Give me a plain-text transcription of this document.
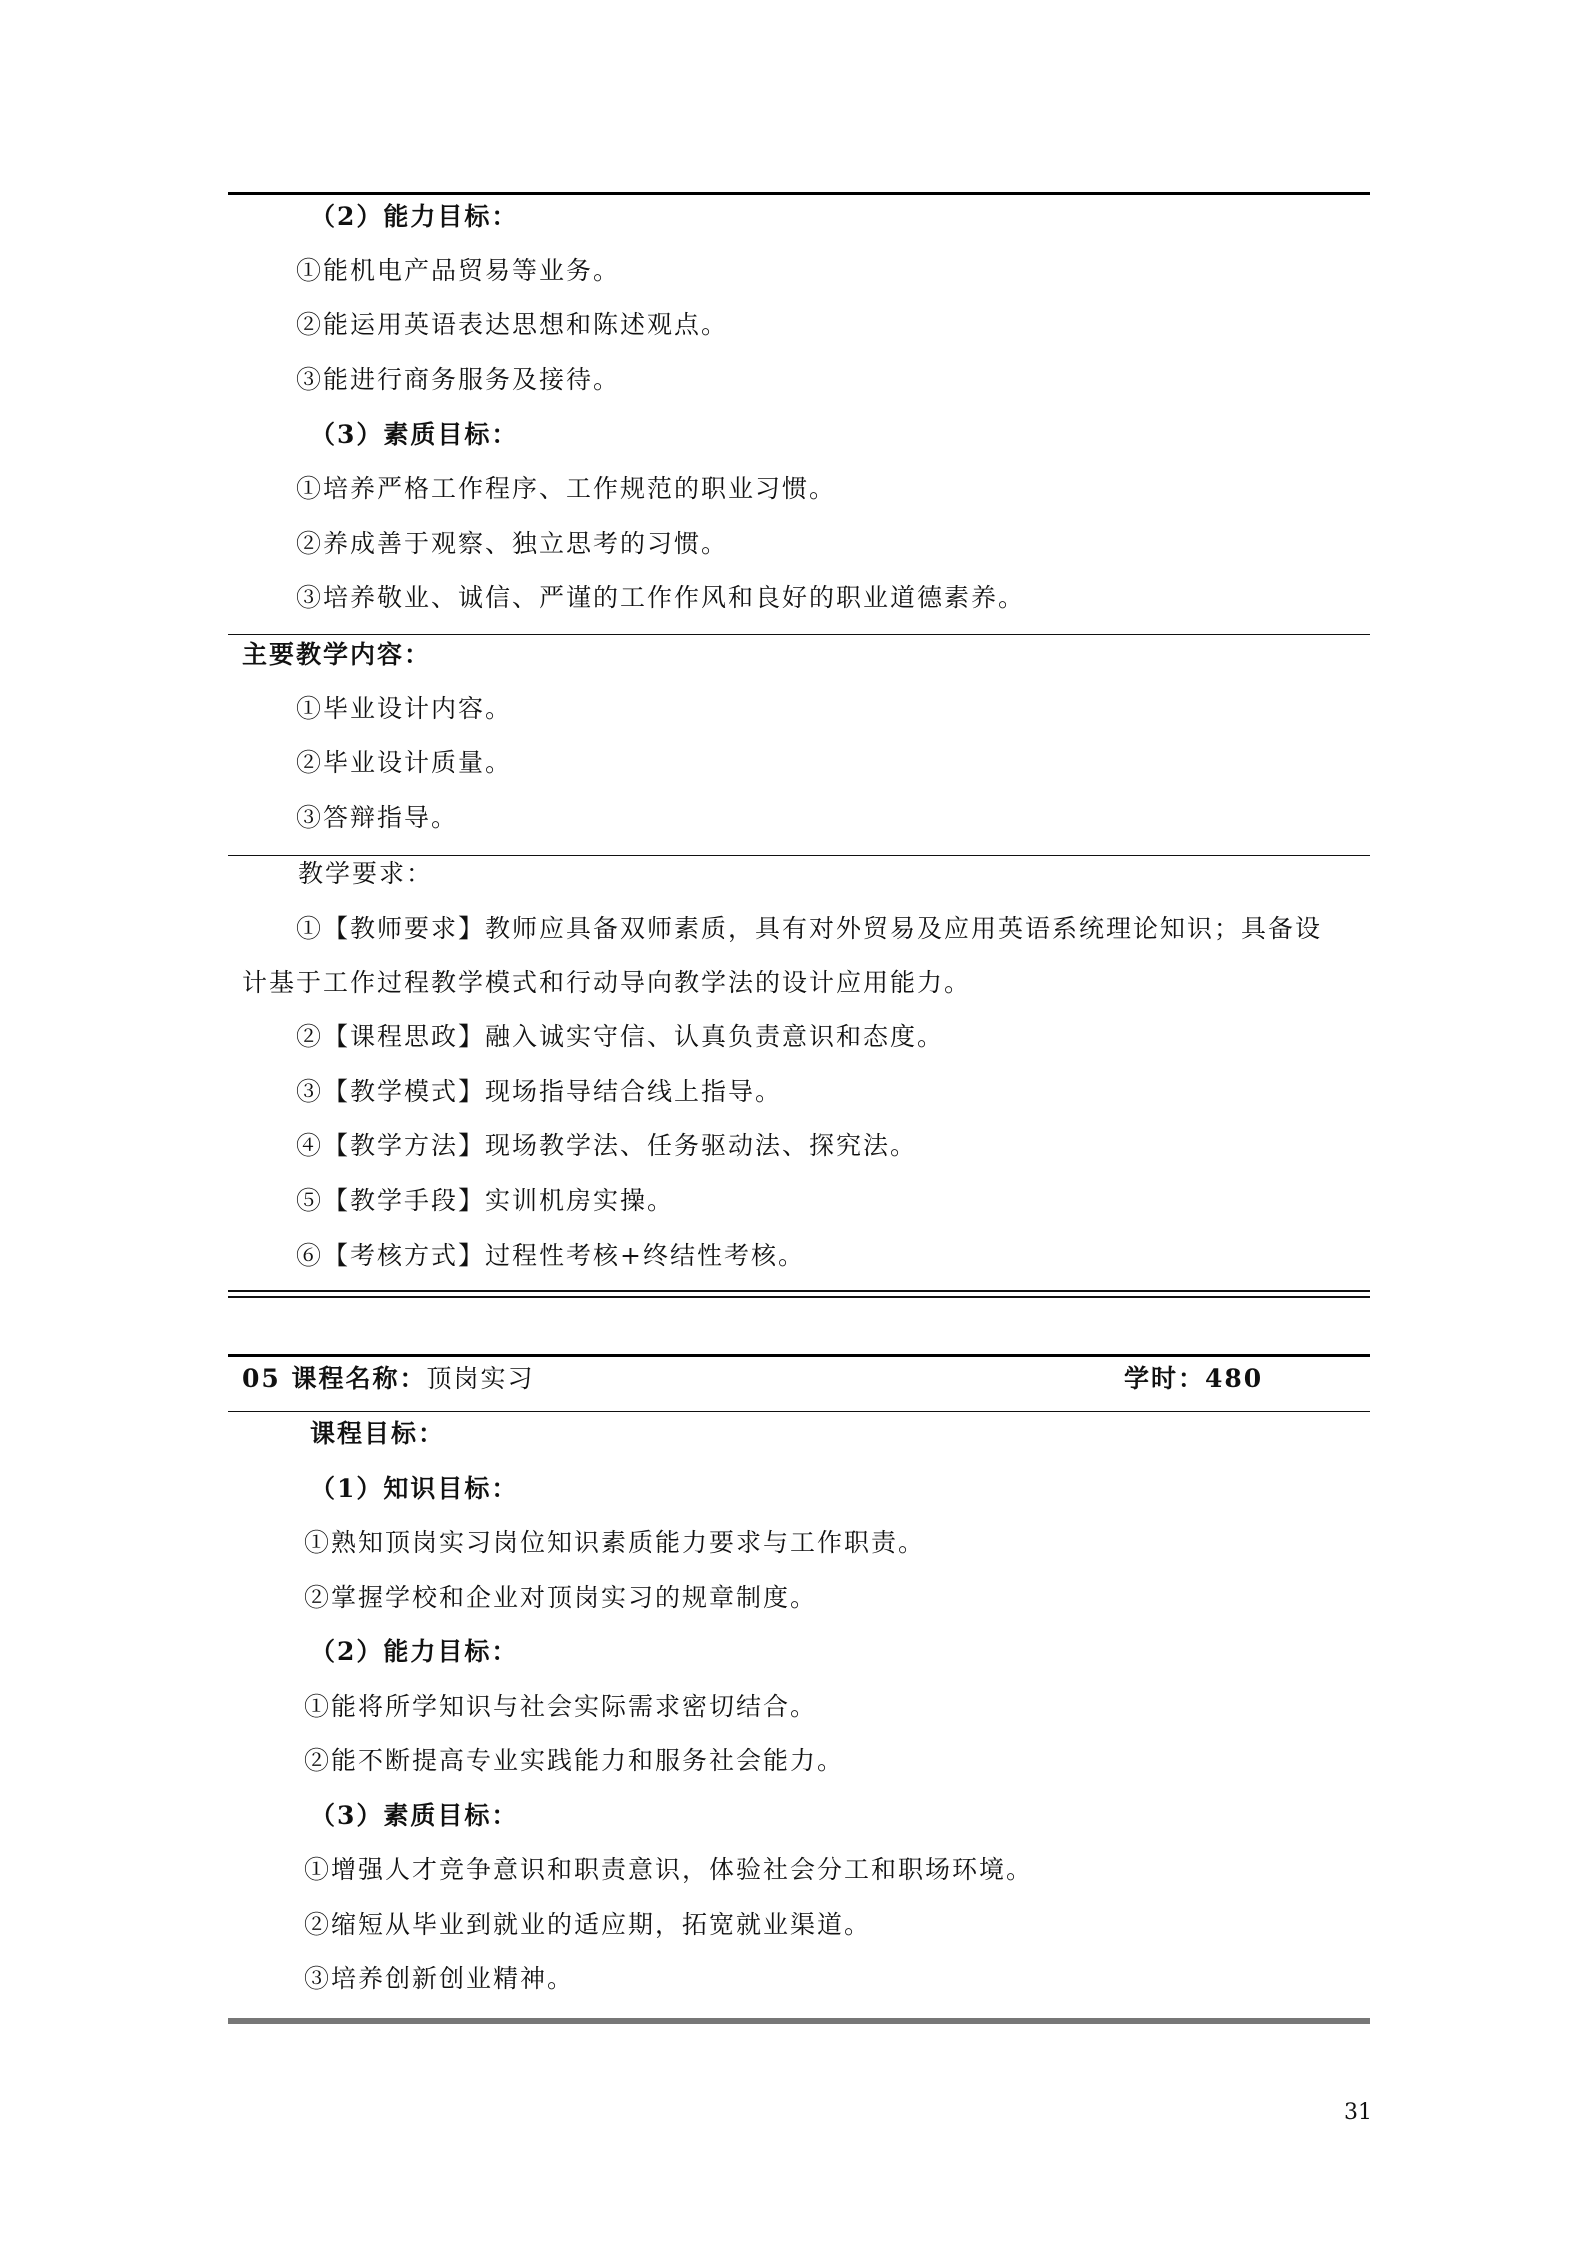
（2）能力目标：
①能机电产品贸易等业务。
②能运用英语表达思想和陈述观点。
③能进行商务服务及接待。
（3）素质目标：
①培养严格工作程序、工作规范的职业习惯。
②养成善于观察、独立思考的习惯。
③培养敬业、诚信、严谨的工作作风和良好的职业道德素养。
主要教学内容：
①毕业设计内容。
②毕业设计质量。
③答辩指导。
教学要求：
①【教师要求】教师应具备双师素质，具有对外贸易及应用英语系统理论知识；具备设
计基于工作过程教学模式和行动导向教学法的设计应用能力。
②【课程思政】融入诚实守信、认真负责意识和态度。
③【教学模式】现场指导结合线上指导。
④【教学方法】现场教学法、任务驱动法、探究法。
⑤【教学手段】实训机房实操。
⑥【考核方式】过程性考核+终结性考核。
05 课程名称：顶岗实习	学时：480
课程目标：
（1）知识目标：
①熟知顶岗实习岗位知识素质能力要求与工作职责。
②掌握学校和企业对顶岗实习的规章制度。
（2）能力目标：
①能将所学知识与社会实际需求密切结合。
②能不断提高专业实践能力和服务社会能力。
（3）素质目标：
①增强人才竞争意识和职责意识，体验社会分工和职场环境。
②缩短从毕业到就业的适应期，拓宽就业渠道。
③培养创新创业精神。
31
